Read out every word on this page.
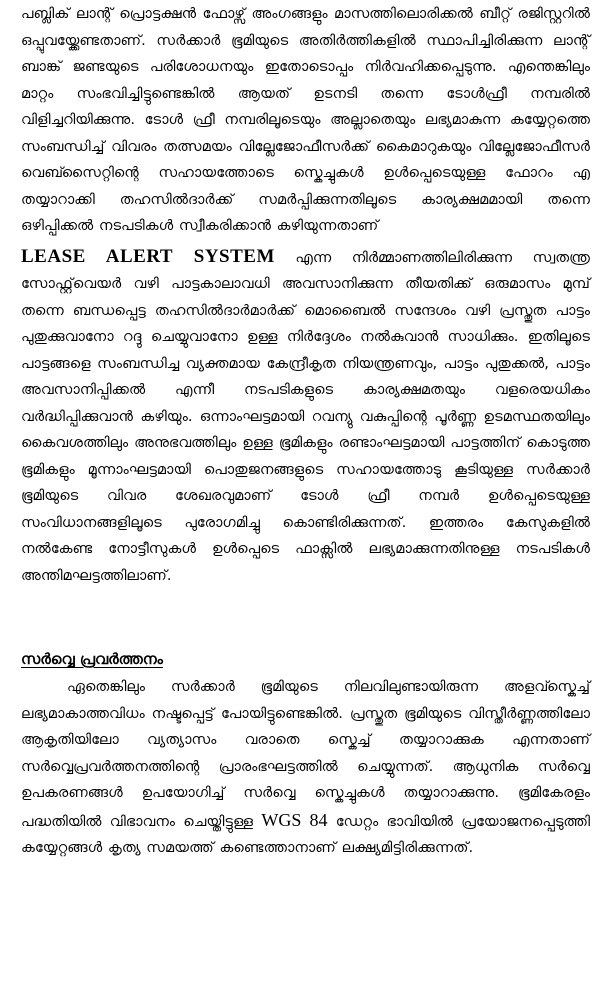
പബ്ലിക് ലാന്റ് പ്രൊട്ടക്ഷൻ ഫോഴ്സ് അംഗങ്ങളും മാസത്തിലൊരിക്കൽ ബീറ്റ് രജിസ്റ്ററിൽ ഒപ്പുവയ്ക്കേണ്ടതാണ്. സർക്കാർ ഭൂമിയുടെ അതിർത്തികളിൽ സ്ഥാപിച്ചിരിക്കുന്ന ലാന്റ് ബാങ്ക് ജണ്ടയുടെ പരിശോധനയും ഇതോടൊപ്പം നിർവഹിക്കപ്പെടുന്നു. എന്തെങ്കിലും മാറ്റം സംഭവിച്ചിട്ടുണ്ടെങ്കിൽ ആയത് ഉടനടി തന്നെ ടോൾഫ്രീ നമ്പരിൽ വിളിച്ചറിയിക്കുന്നു. ടോൾ ഫ്രീ നമ്പരിലൂടെയും അല്ലാതെയും ലഭ്യമാകുന്ന കയ്യേറ്റത്തെ സംബന്ധിച്ച് വിവരം തത്സമയം വില്ലേജോഫീസർക്ക് കൈമാറുകയും വില്ലേജോഫീസർ വെബ്സൈറ്റിന്റെ സഹായത്തോടെ സ്കെച്ചുകൾ ഉൾപ്പെടെയുള്ള ഫോറം എ തയ്യാറാക്കി തഹസിൽദാർക്ക് സമർപ്പിക്കുന്നതിലൂടെ കാര്യക്ഷമമായി തന്നെ ഒഴിപ്പിക്കൽ നടപടികൾ സ്വീകരിക്കാൻ കഴിയുന്നതാണ്

LEASE ALERT SYSTEM എന്ന നിർമ്മാണത്തിലിരിക്കുന്ന സ്വതന്ത്ര സോഫ്റ്റ്‌വെയർ വഴി പാട്ടകാലാവധി അവസാനിക്കുന്ന തീയതിക്ക് ഒരുമാസം മുമ്പ് തന്നെ ബന്ധപ്പെട്ട തഹസിൽദാർമാർക്ക് മൊബൈൽ സന്ദേശം വഴി പ്രസ്തുത പാട്ടം പുതുക്കുവാനോ റദ്ദു ചെയ്യുവാനോ ഉള്ള നിർദ്ദേശം നൽകുവാൻ സാധിക്കും. ഇതിലൂടെ പാട്ടങ്ങളെ സംബന്ധിച്ച വ്യക്തമായ കേന്ദ്രീകൃത നിയന്ത്രണവും, പാട്ടം പുതുക്കൽ, പാട്ടം അവസാനിപ്പിക്കൽ എന്നീ നടപടികളുടെ കാര്യക്ഷമതയും വളരെയധികം വർദ്ധിപ്പിക്കുവാൻ കഴിയും. ഒന്നാംഘട്ടമായി റവന്യു വകുപ്പിന്റെ പൂർണ്ണ ഉടമസ്ഥതയിലും കൈവശത്തിലും അനുഭവത്തിലും ഉള്ള ഭൂമികളും രണ്ടാംഘട്ടമായി പാട്ടത്തിന് കൊടുത്ത ഭൂമികളും മൂന്നാംഘട്ടമായി പൊതുജനങ്ങളുടെ സഹായത്തോടു കൂടിയുള്ള സർക്കാർ ഭൂമിയുടെ വിവര ശേഖരവുമാണ് ടോൾ ഫ്രീ നമ്പർ ഉൾപ്പെടെയുള്ള സംവിധാനങ്ങളിലൂടെ പുരോഗമിച്ചു കൊണ്ടിരിക്കുന്നത്. ഇത്തരം കേസുകളിൽ നൽകേണ്ട നോട്ടീസുകൾ ഉൾപ്പെടെ ഫാക്സിൽ ലഭ്യമാക്കുന്നതിനുള്ള നടപടികൾ അന്തിമഘട്ടത്തിലാണ്.

സർവ്വെ പ്രവർത്തനം

ഏതെങ്കിലും സർക്കാർ ഭൂമിയുടെ നിലവിലുണ്ടായിരുന്ന അളവ്സ്കെച്ച് ലഭ്യമാകാത്തവിധം നഷ്ടപ്പെട്ട് പോയിട്ടുണ്ടെങ്കിൽ. പ്രസ്തുത ഭൂമിയുടെ വിസ്തീർണ്ണത്തിലോ ആകൃതിയിലോ വ്യത്യാസം വരാതെ സ്കെച്ച് തയ്യാറാക്കുക എന്നതാണ് സർവ്വെപ്രവർത്തനത്തിന്റെ പ്രാരംഭഘട്ടത്തിൽ ചെയ്യുന്നത്. ആധുനിക സർവ്വെ ഉപകരണങ്ങൾ ഉപയോഗിച്ച് സർവ്വെ സ്കെച്ചുകൾ തയ്യാറാക്കുന്നു. ഭൂമികേരളം പദ്ധതിയിൽ വിഭാവനം ചെയ്തിട്ടുള്ള WGS 84 ഡേറ്റം ഭാവിയിൽ പ്രയോജനപ്പെടുത്തി കയ്യേറ്റങ്ങൾ കൃത്യ സമയത്ത് കണ്ടെത്താനാണ് ലക്ഷ്യമിട്ടിരിക്കുന്നത്.
